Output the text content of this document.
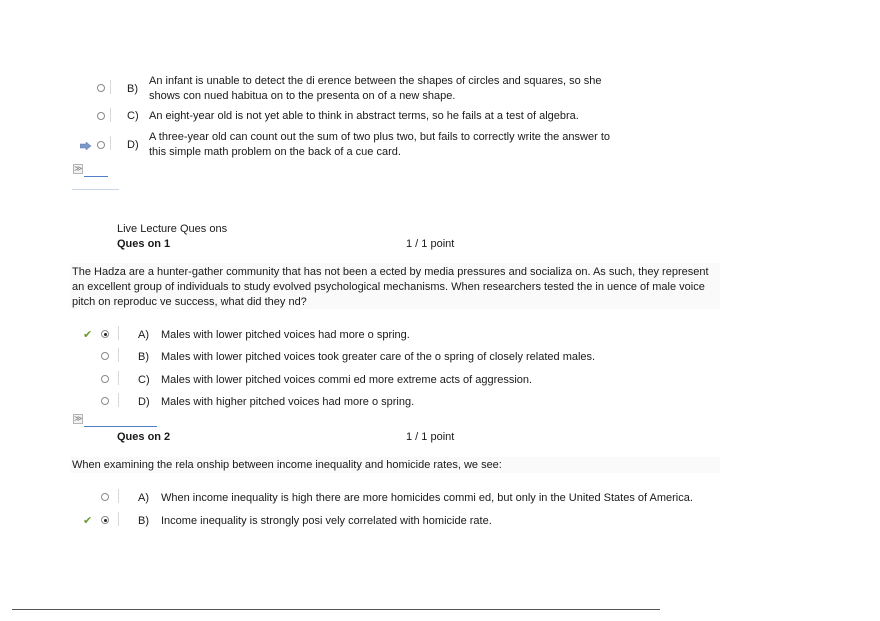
B)
An infant is unable to detect the di erence between the shapes of circles and squares, so she
shows con nued habitua on to the presenta on of a new shape.
C) An eight-year old is not yet able to think in abstract terms, so he fails at a test of algebra.
D)
A three-year old can count out the sum of two plus two, but fails to correctly write the answer to
this simple math problem on the back of a cue card.
≫
Live Lecture Ques ons
Ques on 1	1 / 1 point
The Hadza are a hunter-gather community that has not been a ected by media pressures and socializa on. As such, they represent
an excellent group of individuals to study evolved psychological mechanisms. When researchers tested the in uence of male voice
pitch on reproduc ve success, what did they nd?
✔	A) Males with lower pitched voices had more o spring.
B) Males with lower pitched voices took greater care of the o spring of closely related males.
C) Males with lower pitched voices commi ed more extreme acts of aggression.
D) Males with higher pitched voices had more o spring.
≫
Ques on 2	1 / 1 point
When examining the rela onship between income inequality and homicide rates, we see:
A) When income inequality is high there are more homicides commi ed, but only in the United States of America.
✔	B) Income inequality is strongly posi vely correlated with homicide rate.
